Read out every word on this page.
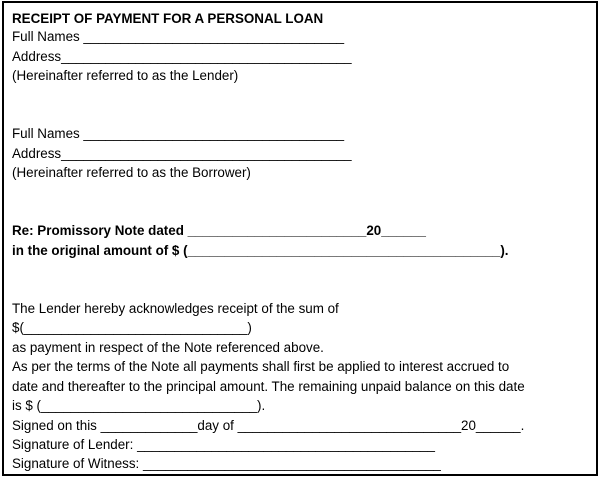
RECEIPT OF PAYMENT FOR A PERSONAL LOAN
Full Names ___________________________________
Address_______________________________________
(Hereinafter referred to as the Lender)
Full Names ___________________________________
Address_______________________________________
(Hereinafter referred to as the Borrower)
Re: Promissory Note dated ________________________20______
in the original amount of $ (__________________________________________).
The Lender hereby acknowledges receipt of the sum of
$(______________________________)
as payment in respect of the Note referenced above.
As per the terms of the Note all payments shall first be applied to interest accrued to
date and thereafter to the principal amount. The remaining unpaid balance on this date
is $ (_____________________________).
Signed on this _____________day of ______________________________20______.
Signature of Lender: ________________________________________
Signature of Witness: ________________________________________
